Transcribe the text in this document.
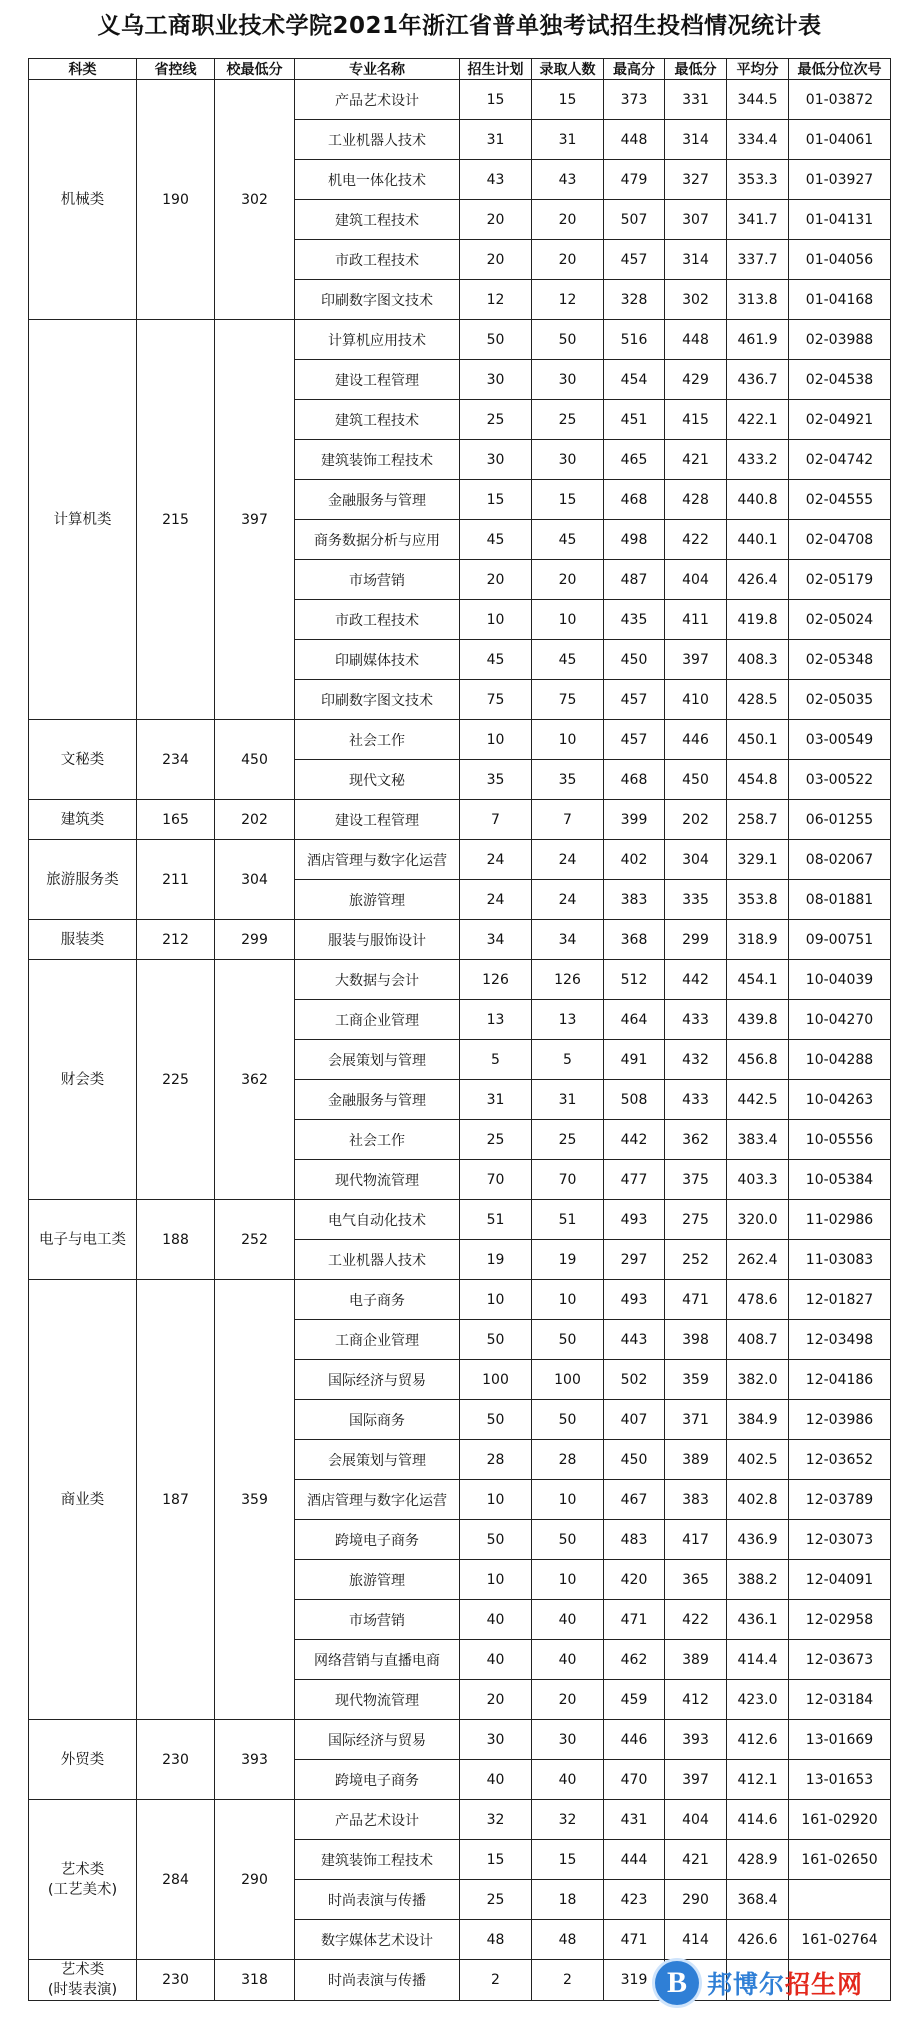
义乌工商职业技术学院2021年浙江省普单独考试招生投档情况统计表
科类	省控线	校最低分	专业名称	招生计划	录取人数	最高分	最低分	平均分	最低分位次号
机械类	190	302	产品艺术设计	15	15	373	331	344.5	01-03872
			工业机器人技术	31	31	448	314	334.4	01-04061
			机电一体化技术	43	43	479	327	353.3	01-03927
			建筑工程技术	20	20	507	307	341.7	01-04131
			市政工程技术	20	20	457	314	337.7	01-04056
			印刷数字图文技术	12	12	328	302	313.8	01-04168
计算机类	215	397	计算机应用技术	50	50	516	448	461.9	02-03988
			建设工程管理	30	30	454	429	436.7	02-04538
			建筑工程技术	25	25	451	415	422.1	02-04921
			建筑装饰工程技术	30	30	465	421	433.2	02-04742
			金融服务与管理	15	15	468	428	440.8	02-04555
			商务数据分析与应用	45	45	498	422	440.1	02-04708
			市场营销	20	20	487	404	426.4	02-05179
			市政工程技术	10	10	435	411	419.8	02-05024
			印刷媒体技术	45	45	450	397	408.3	02-05348
			印刷数字图文技术	75	75	457	410	428.5	02-05035
文秘类	234	450	社会工作	10	10	457	446	450.1	03-00549
			现代文秘	35	35	468	450	454.8	03-00522
建筑类	165	202	建设工程管理	7	7	399	202	258.7	06-01255
旅游服务类	211	304	酒店管理与数字化运营	24	24	402	304	329.1	08-02067
			旅游管理	24	24	383	335	353.8	08-01881
服装类	212	299	服装与服饰设计	34	34	368	299	318.9	09-00751
财会类	225	362	大数据与会计	126	126	512	442	454.1	10-04039
			工商企业管理	13	13	464	433	439.8	10-04270
			会展策划与管理	5	5	491	432	456.8	10-04288
			金融服务与管理	31	31	508	433	442.5	10-04263
			社会工作	25	25	442	362	383.4	10-05556
			现代物流管理	70	70	477	375	403.3	10-05384
电子与电工类	188	252	电气自动化技术	51	51	493	275	320.0	11-02986
			工业机器人技术	19	19	297	252	262.4	11-03083
商业类	187	359	电子商务	10	10	493	471	478.6	12-01827
			工商企业管理	50	50	443	398	408.7	12-03498
			国际经济与贸易	100	100	502	359	382.0	12-04186
			国际商务	50	50	407	371	384.9	12-03986
			会展策划与管理	28	28	450	389	402.5	12-03652
			酒店管理与数字化运营	10	10	467	383	402.8	12-03789
			跨境电子商务	50	50	483	417	436.9	12-03073
			旅游管理	10	10	420	365	388.2	12-04091
			市场营销	40	40	471	422	436.1	12-02958
			网络营销与直播电商	40	40	462	389	414.4	12-03673
			现代物流管理	20	20	459	412	423.0	12-03184
外贸类	230	393	国际经济与贸易	30	30	446	393	412.6	13-01669
			跨境电子商务	40	40	470	397	412.1	13-01653
艺术类
(工艺美术)	284	290	产品艺术设计	32	32	431	404	414.6	161-02920
			建筑装饰工程技术	15	15	444	421	428.9	161-02650
			时尚表演与传播	25	18	423	290	368.4	
			数字媒体艺术设计	48	48	471	414	426.6	161-02764
艺术类
(时装表演)	230	318	时尚表演与传播	2	2	319			B 邦博尔招生网
